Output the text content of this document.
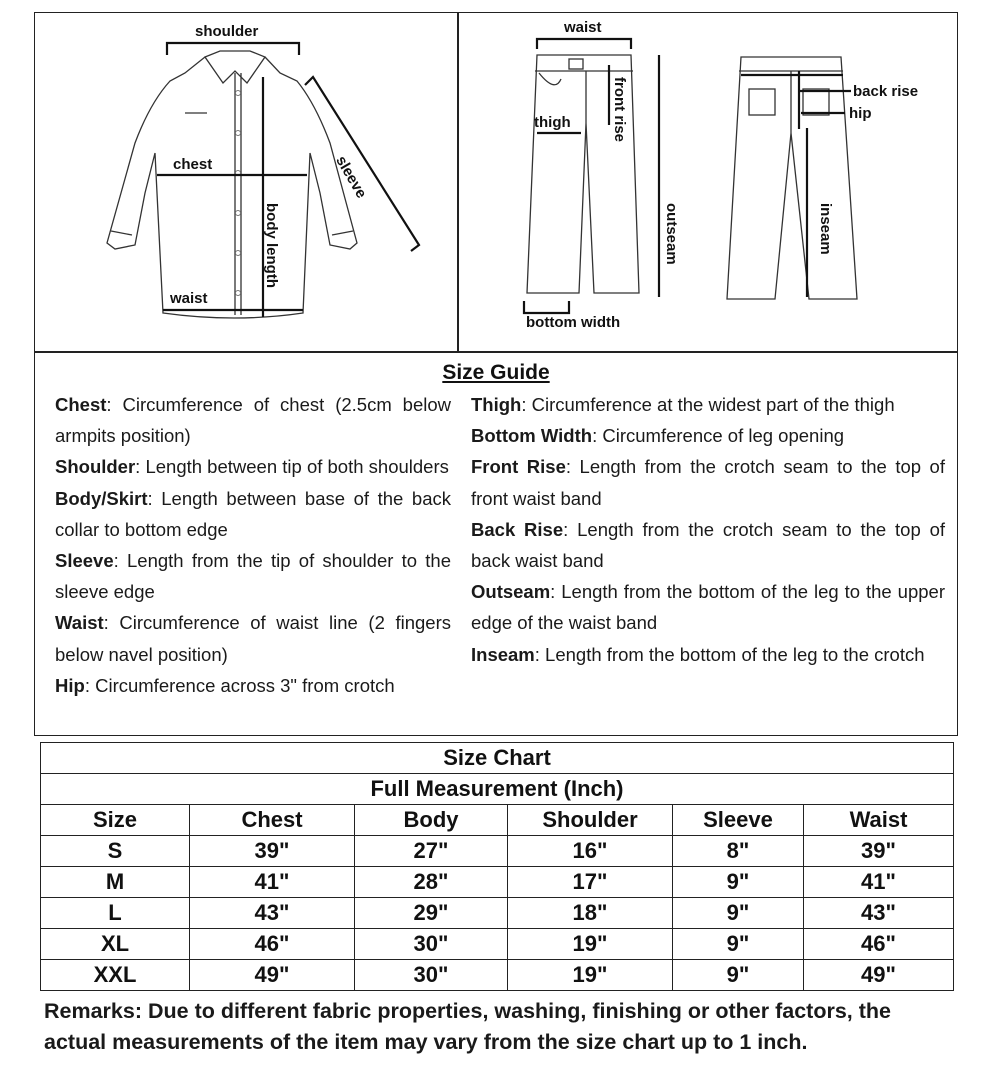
shoulder
chest
waist
body length
sleeve
waist
thigh	front rise
outseam
bottom width
back rise
hip
inseam
Size Guide
Chest: Circumference of chest (2.5cm below armpits position)
Shoulder: Length between tip of both shoulders
Body/Skirt: Length between base of the back collar to bottom edge
Sleeve: Length from the tip of shoulder to the sleeve edge
Waist: Circumference of waist line (2 fingers below navel position)
Hip: Circumference across 3" from crotch
Thigh: Circumference at the widest part of the thigh
Bottom Width: Circumference of leg opening
Front Rise: Length from the crotch seam to the top of front waist band
Back Rise: Length from the crotch seam to the top of back waist band
Outseam: Length from the bottom of the leg to the upper edge of the waist band
Inseam: Length from the bottom of the leg to the crotch
Size Chart					
Full Measurement (Inch)					
Size	Chest	Body	Shoulder	Sleeve	Waist
S	39"	27"	16"	8"	39"
M	41"	28"	17"	9"	41"
L	43"	29"	18"	9"	43"
XL	46"	30"	19"	9"	46"
XXL	49"	30"	19"	9"	49"
Remarks: Due to different fabric properties, washing, finishing or other factors, the actual measurements of the item may vary from the size chart up to 1 inch.
